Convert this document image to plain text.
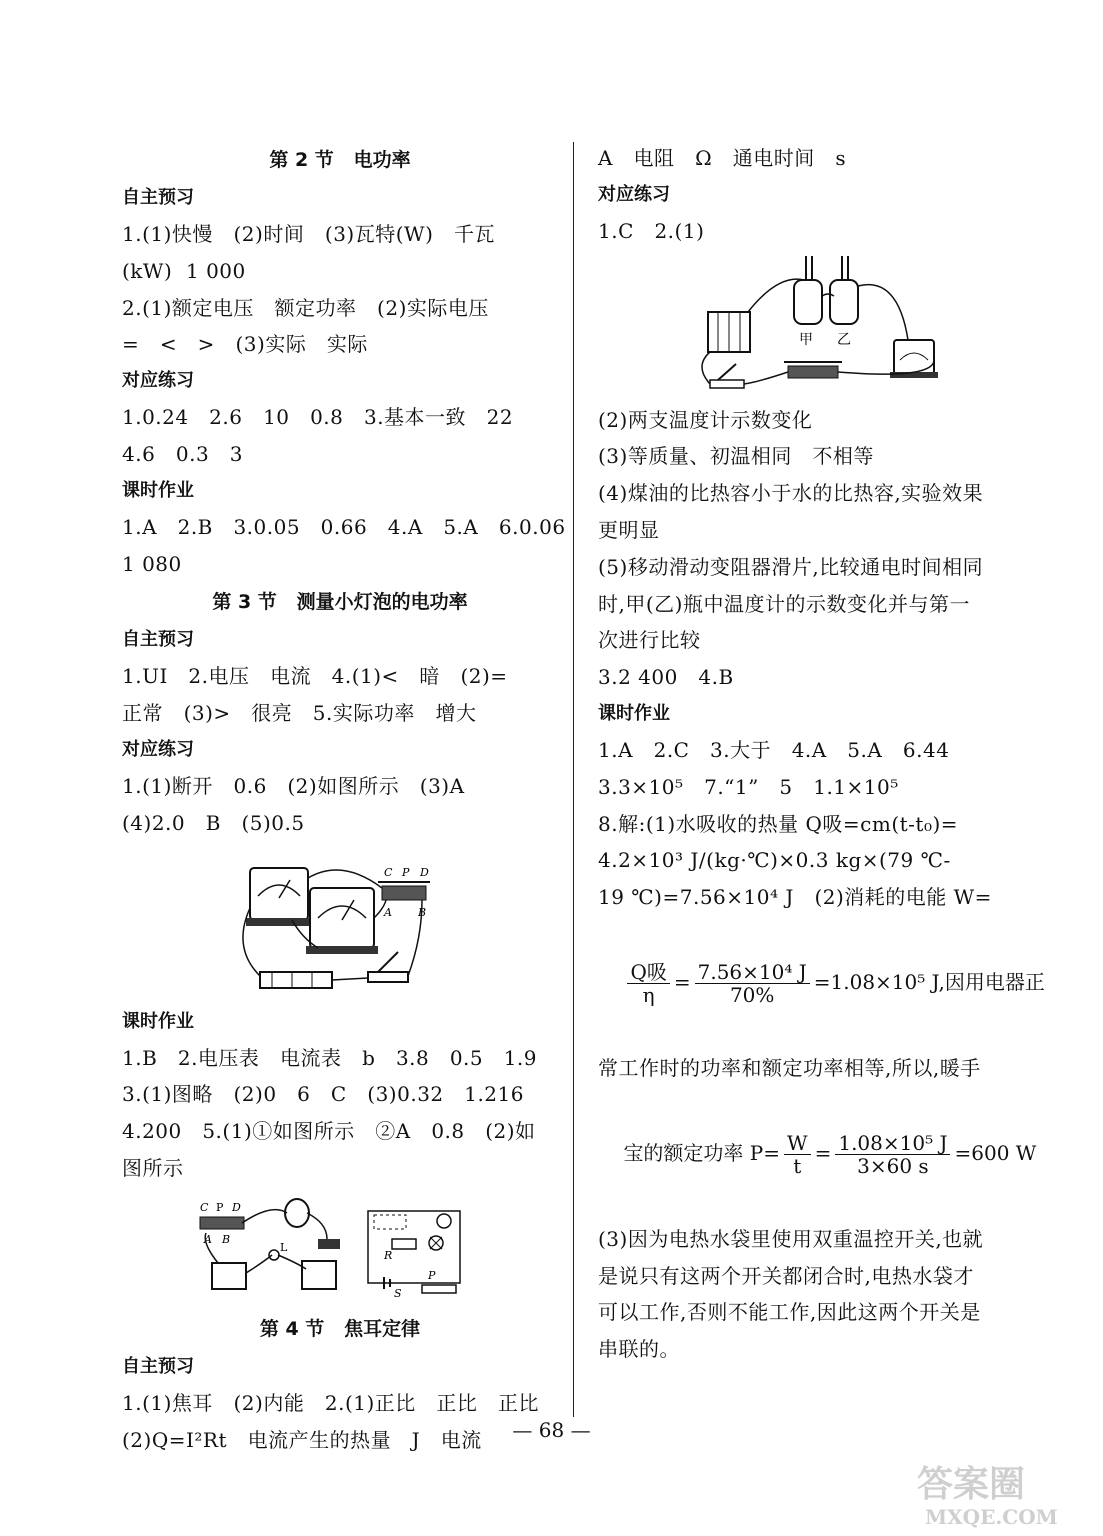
第 2 节   电功率
自主预习
1.(1)快慢   (2)时间   (3)瓦特(W)   千瓦
(kW)  1 000
2.(1)额定电压   额定功率   (2)实际电压
=   <   >   (3)实际   实际
对应练习
1.0.24   2.6   10   0.8   3.基本一致   22
4.6   0.3   3
课时作业
1.A   2.B   3.0.05   0.66   4.A   5.A   6.0.06
1 080
第 3 节   测量小灯泡的电功率
自主预习
1.UI   2.电压   电流   4.(1)<   暗   (2)=
正常   (3)>   很亮   5.实际功率   增大
对应练习
1.(1)断开   0.6   (2)如图所示   (3)A
(4)2.0   B   (5)0.5
C P D
A B
课时作业
1.B   2.电压表   电流表   b   3.8   0.5   1.9
3.(1)图略   (2)0   6   C   (3)0.32   1.216
4.200   5.(1)①如图所示   ②A   0.8   (2)如
图所示
C P D
A B
L
R
S
P
第 4 节   焦耳定律
自主预习
1.(1)焦耳   (2)内能   2.(1)正比   正比   正比
(2)Q=I²Rt   电流产生的热量   J   电流
A   电阻   Ω   通电时间   s
对应练习
1.C   2.(1)
甲 乙
(2)两支温度计示数变化
(3)等质量、初温相同   不相等
(4)煤油的比热容小于水的比热容,实验效果
更明显
(5)移动滑动变阻器滑片,比较通电时间相同
时,甲(乙)瓶中温度计的示数变化并与第一
次进行比较
3.2 400   4.B
课时作业
1.A   2.C   3.大于   4.A   5.A   6.44
3.3×10⁵   7.“1”   5   1.1×10⁵
8.解:(1)水吸收的热量 Q吸=cm(t-t₀)=
4.2×10³ J/(kg·℃)×0.3 kg×(79 ℃-
19 ℃)=7.56×10⁴ J   (2)消耗的电能 W=

$\frac{\text{Q吸}}{\eta} = \frac{\text{7.56×10⁴ J}}{70\%} =1.08\times 10^5$ J,因用电器正

常工作时的功率和额定功率相等,所以,暖手

宝的额定功率 $P= \frac{W}{t} = \frac{\text{1.08×10⁵ J}}{3\times 60 s} =600$ W

(3)因为电热水袋里使用双重温控开关,也就
是说只有这两个开关都闭合时,电热水袋才
可以工作,否则不能工作,因此这两个开关是
串联的。
— 68 —
答案圈
MXQE.COM
